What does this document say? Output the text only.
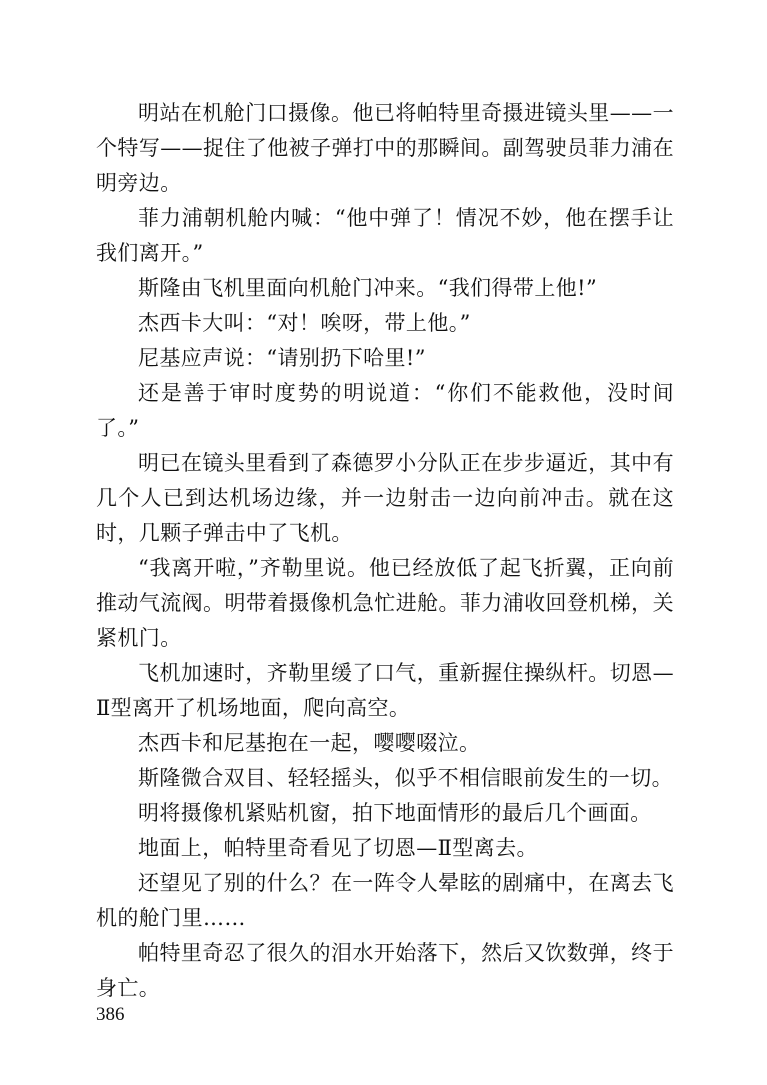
明站在机舱门口摄像。他已将帕特里奇摄进镜头里——一个特写——捉住了他被子弹打中的那瞬间。副驾驶员菲力浦在明旁边。

菲力浦朝机舱内喊：“他中弹了！情况不妙，他在摆手让我们离开。”

斯隆由飞机里面向机舱门冲来。“我们得带上他!”

杰西卡大叫：“对！唉呀，带上他。”

尼基应声说：“请别扔下哈里!”

还是善于审时度势的明说道：“你们不能救他，没时间了。”

明已在镜头里看到了森德罗小分队正在步步逼近，其中有几个人已到达机场边缘，并一边射击一边向前冲击。就在这时，几颗子弹击中了飞机。

“我离开啦，”齐勒里说。他已经放低了起飞折翼，正向前推动气流阀。明带着摄像机急忙进舱。菲力浦收回登机梯，关紧机门。

飞机加速时，齐勒里缓了口气，重新握住操纵杆。切恩—Ⅱ型离开了机场地面，爬向高空。

杰西卡和尼基抱在一起，嘤嘤啜泣。

斯隆微合双目、轻轻摇头，似乎不相信眼前发生的一切。

明将摄像机紧贴机窗，拍下地面情形的最后几个画面。

地面上，帕特里奇看见了切恩—Ⅱ型离去。

还望见了别的什么？在一阵令人晕眩的剧痛中，在离去飞机的舱门里……

帕特里奇忍了很久的泪水开始落下，然后又饮数弹，终于身亡。

386
